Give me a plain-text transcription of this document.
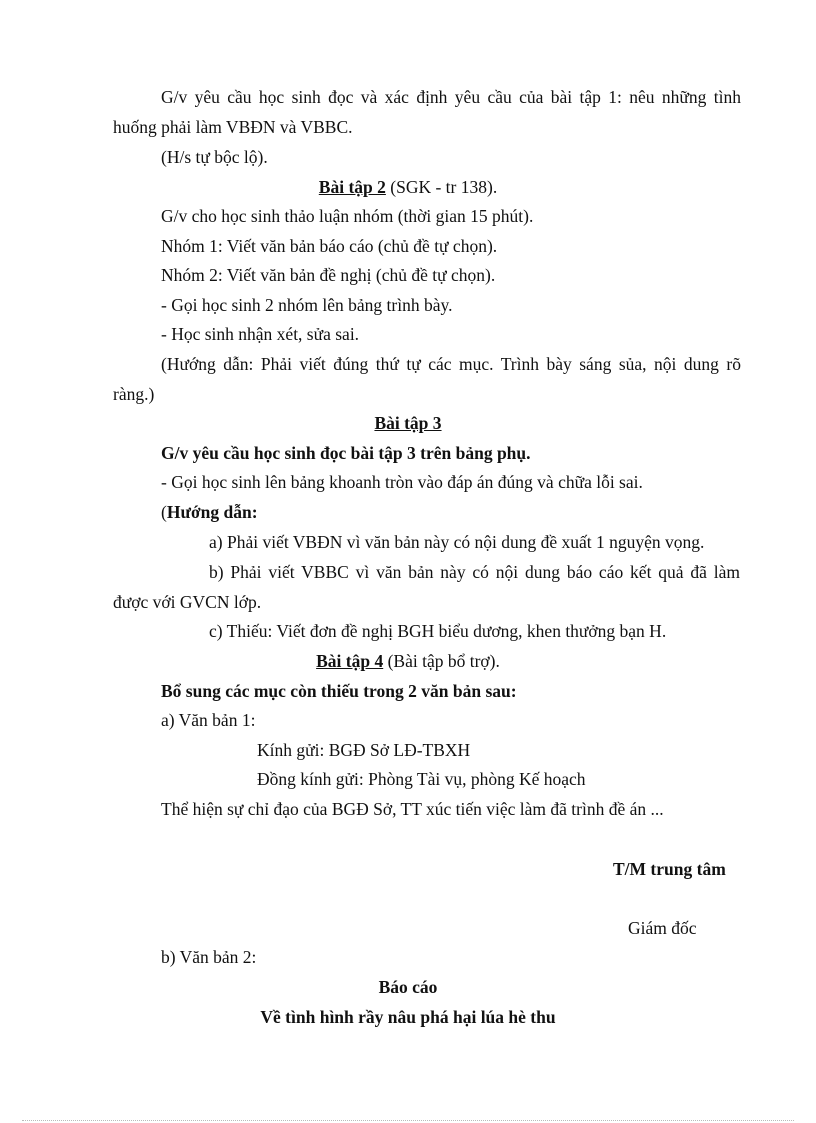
G/v yêu cầu học sinh đọc và xác định yêu cầu của bài tập 1: nêu những tình
huống phải làm VBĐN và VBBC.
(H/s tự bộc lộ).
Bài tập 2 (SGK - tr 138).
G/v cho học sinh thảo luận nhóm (thời gian 15 phút).
Nhóm 1: Viết văn bản báo cáo (chủ đề tự chọn).
Nhóm 2: Viết văn bản đề nghị (chủ đề tự chọn).
- Gọi học sinh 2 nhóm lên bảng trình bày.
- Học sinh nhận xét, sửa sai.
(Hướng dẫn: Phải viết đúng thứ tự các mục. Trình bày sáng sủa, nội dung rõ
ràng.)
Bài tập 3
G/v yêu cầu học sinh đọc bài tập 3 trên bảng phụ.
- Gọi học sinh lên bảng khoanh tròn vào đáp án đúng và chữa lỗi sai.
(Hướng dẫn:
a) Phải viết VBĐN vì văn bản này có nội dung đề xuất 1 nguyện vọng.
b) Phải viết VBBC vì văn bản này có nội dung báo cáo kết quả đã làm
được với GVCN lớp.
c) Thiếu: Viết đơn đề nghị BGH biểu dương, khen thưởng bạn H.
Bài tập 4 (Bài tập bổ trợ).
Bổ sung các mục còn thiếu trong 2 văn bản sau:
a) Văn bản 1:
Kính gửi: BGĐ Sở LĐ-TBXH
Đồng kính gửi: Phòng Tài vụ, phòng Kế hoạch
Thể hiện sự chỉ đạo của BGĐ Sở, TT xúc tiến việc làm đã trình đề án ...
T/M trung tâm
Giám đốc
b) Văn bản 2:
Báo cáo
Về tình hình rầy nâu phá hại lúa hè thu
